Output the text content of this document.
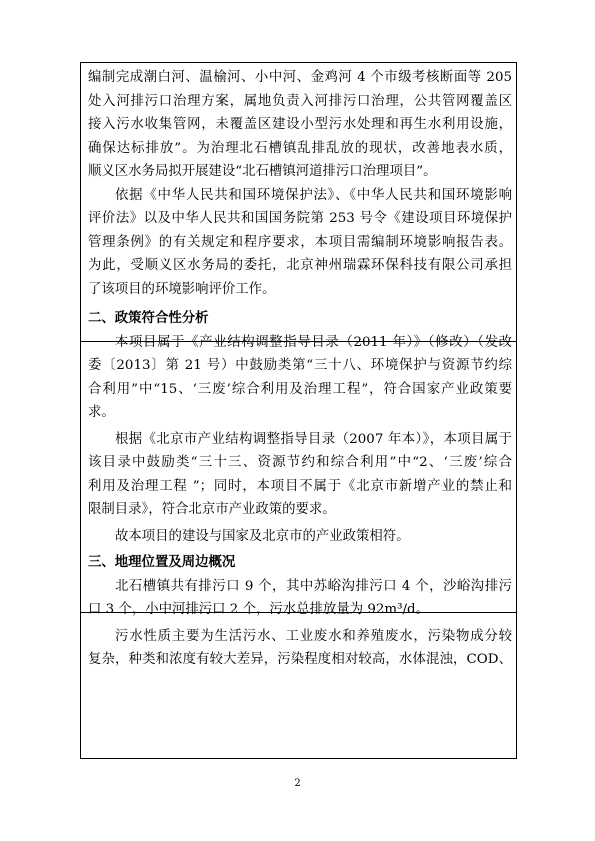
编制完成潮白河、温榆河、小中河、金鸡河 4 个市级考核断面等 205
处入河排污口治理方案，属地负责入河排污口治理，公共管网覆盖区
接入污水收集管网，未覆盖区建设小型污水处理和再生水利用设施，
确保达标排放”。为治理北石槽镇乱排乱放的现状，改善地表水质，
顺义区水务局拟开展建设“北石槽镇河道排污口治理项目”。
依据《中华人民共和国环境保护法》、《中华人民共和国环境影响
评价法》以及中华人民共和国国务院第 253 号令《建设项目环境保护
管理条例》的有关规定和程序要求，本项目需编制环境影响报告表。
为此，受顺义区水务局的委托，北京神州瑞霖环保科技有限公司承担
了该项目的环境影响评价工作。
二、政策符合性分析
本项目属于《产业结构调整指导目录（2011 年）》（修改）（发改
委〔2013〕第 21 号）中鼓励类第“三十八、环境保护与资源节约综
合利用”中“15、‘三废’综合利用及治理工程”，符合国家产业政策要
求。
根据《北京市产业结构调整指导目录（2007 年本）》，本项目属于
该目录中鼓励类“三十三、资源节约和综合利用”中“2、‘三废’综合
利用及治理工程 ”；同时，本项目不属于《北京市新增产业的禁止和
限制目录》，符合北京市产业政策的要求。
故本项目的建设与国家及北京市的产业政策相符。
三、地理位置及周边概况
北石槽镇共有排污口 9 个，其中苏峪沟排污口 4 个，沙峪沟排污
口 3 个，小中河排污口 2 个，污水总排放量为 92m³/d。
污水性质主要为生活污水、工业废水和养殖废水，污染物成分较
复杂，种类和浓度有较大差异，污染程度相对较高，水体混浊，COD、
2
